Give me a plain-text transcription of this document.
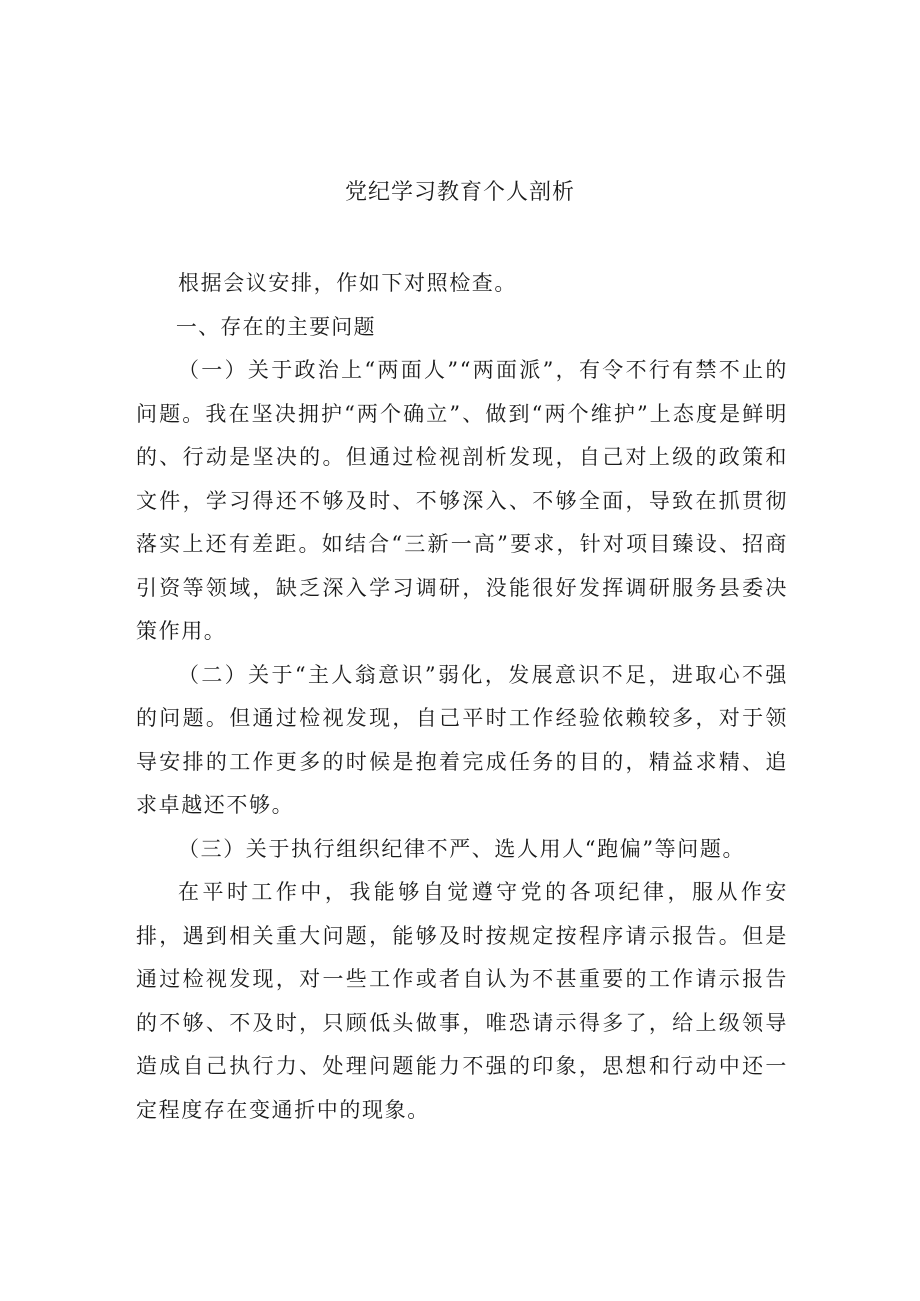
党纪学习教育个人剖析

根据会议安排，作如下对照检查。

一、存在的主要问题

（一）关于政治上“两面人”“两面派”，有令不行有禁不止的问题。我在坚决拥护“两个确立”、做到“两个维护”上态度是鲜明的、行动是坚决的。但通过检视剖析发现，自己对上级的政策和文件，学习得还不够及时、不够深入、不够全面，导致在抓贯彻落实上还有差距。如结合“三新一高”要求，针对项目臻设、招商引资等领域，缺乏深入学习调研，没能很好发挥调研服务县委决策作用。

（二）关于“主人翁意识”弱化，发展意识不足，进取心不强的问题。但通过检视发现，自己平时工作经验依赖较多，对于领导安排的工作更多的时候是抱着完成任务的目的，精益求精、追求卓越还不够。

（三）关于执行组织纪律不严、选人用人“跑偏”等问题。

在平时工作中，我能够自觉遵守党的各项纪律，服从作安排，遇到相关重大问题，能够及时按规定按程序请示报告。但是通过检视发现，对一些工作或者自认为不甚重要的工作请示报告的不够、不及时，只顾低头做事，唯恐请示得多了，给上级领导造成自己执行力、处理问题能力不强的印象，思想和行动中还一定程度存在变通折中的现象。
